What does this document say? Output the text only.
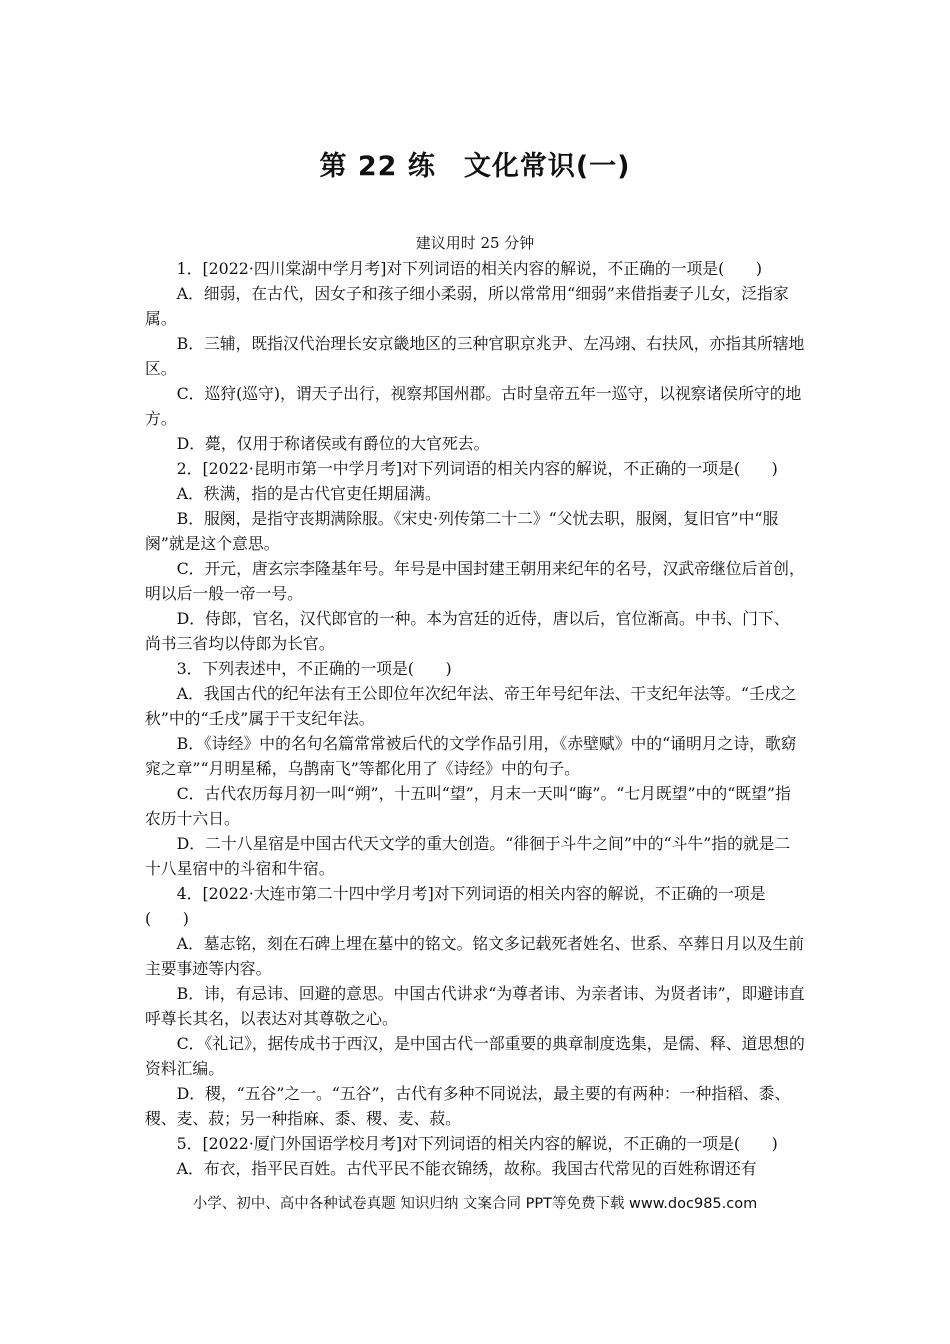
第 22 练　文化常识(一)
建议用时 25 分钟

1．[2022·四川棠湖中学月考]对下列词语的相关内容的解说，不正确的一项是(　　)

A．细弱，在古代，因女子和孩子细小柔弱，所以常常用“细弱”来借指妻子儿女，泛指家属。

B．三辅，既指汉代治理长安京畿地区的三种官职京兆尹、左冯翊、右扶风，亦指其所辖地区。

C．巡狩(巡守)，谓天子出行，视察邦国州郡。古时皇帝五年一巡守，以视察诸侯所守的地方。

D．薨，仅用于称诸侯或有爵位的大官死去。

2．[2022·昆明市第一中学月考]对下列词语的相关内容的解说，不正确的一项是(　　)

A．秩满，指的是古代官吏任期届满。

B．服阕，是指守丧期满除服。《宋史·列传第二十二》“父忧去职，服阕，复旧官”中“服阕”就是这个意思。

C．开元，唐玄宗李隆基年号。年号是中国封建王朝用来纪年的名号，汉武帝继位后首创，明以后一般一帝一号。

D．侍郎，官名，汉代郎官的一种。本为宫廷的近侍，唐以后，官位渐高。中书、门下、尚书三省均以侍郎为长官。

3．下列表述中，不正确的一项是(　　)

A．我国古代的纪年法有王公即位年次纪年法、帝王年号纪年法、干支纪年法等。“壬戌之秋”中的“壬戌”属于干支纪年法。

B．《诗经》中的名句名篇常常被后代的文学作品引用，《赤壁赋》中的“诵明月之诗，歌窈窕之章”“月明星稀，乌鹊南飞”等都化用了《诗经》中的句子。

C．古代农历每月初一叫“朔”，十五叫“望”，月末一天叫“晦”。“七月既望”中的“既望”指农历十六日。

D．二十八星宿是中国古代天文学的重大创造。“徘徊于斗牛之间”中的“斗牛”指的就是二十八星宿中的斗宿和牛宿。

4．[2022·大连市第二十四中学月考]对下列词语的相关内容的解说，不正确的一项是(　　)

A．墓志铭，刻在石碑上埋在墓中的铭文。铭文多记载死者姓名、世系、卒葬日月以及生前主要事迹等内容。

B．讳，有忌讳、回避的意思。中国古代讲求“为尊者讳、为亲者讳、为贤者讳”，即避讳直呼尊长其名，以表达对其尊敬之心。

C．《礼记》，据传成书于西汉，是中国古代一部重要的典章制度选集，是儒、释、道思想的资料汇编。

D．稷，“五谷”之一。“五谷”，古代有多种不同说法，最主要的有两种：一种指稻、黍、稷、麦、菽；另一种指麻、黍、稷、麦、菽。

5．[2022·厦门外国语学校月考]对下列词语的相关内容的解说，不正确的一项是(　　)

A．布衣，指平民百姓。古代平民不能衣锦绣，故称。我国古代常见的百姓称谓还有

小学、初中、高中各种试卷真题 知识归纳 文案合同 PPT等免费下载 www.doc985.com
